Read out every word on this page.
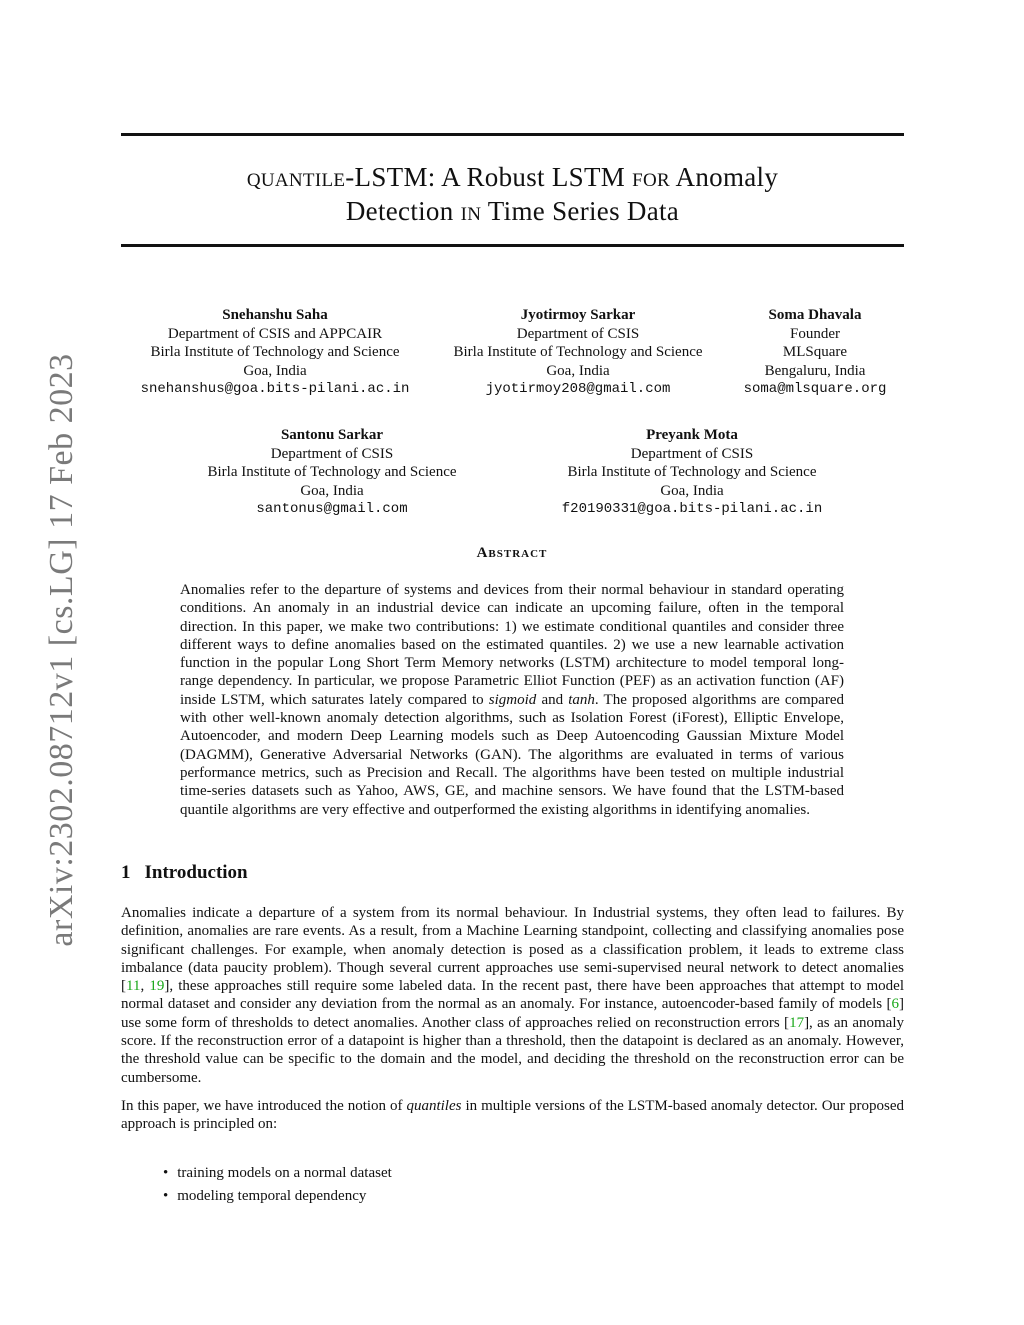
arXiv:2302.08712v1 [cs.LG] 17 Feb 2023
quantile-LSTM: A Robust LSTM for Anomaly
Detection in Time Series Data
Snehanshu Saha
Department of CSIS and APPCAIR
Birla Institute of Technology and Science
Goa, India
snehanshus@goa.bits-pilani.ac.in
Jyotirmoy Sarkar
Department of CSIS
Birla Institute of Technology and Science
Goa, India
jyotirmoy208@gmail.com
Soma Dhavala
Founder
MLSquare
Bengaluru, India
soma@mlsquare.org
Santonu Sarkar
Department of CSIS
Birla Institute of Technology and Science
Goa, India
santonus@gmail.com
Preyank Mota
Department of CSIS
Birla Institute of Technology and Science
Goa, India
f20190331@goa.bits-pilani.ac.in
Abstract
Anomalies refer to the departure of systems and devices from their normal behaviour in standard operating conditions. An anomaly in an industrial device can indicate an upcoming failure, often in the temporal direction. In this paper, we make two contributions: 1) we estimate conditional quantiles and consider three different ways to define anomalies based on the estimated quantiles. 2) we use a new learnable activation function in the popular Long Short Term Memory networks (LSTM) architecture to model temporal long-range dependency. In particular, we propose Parametric Elliot Function (PEF) as an activation function (AF) inside LSTM, which saturates lately compared to sigmoid and tanh. The proposed algorithms are compared with other well-known anomaly detection algorithms, such as Isolation Forest (iForest), Elliptic Envelope, Autoencoder, and modern Deep Learning models such as Deep Autoencoding Gaussian Mixture Model (DAGMM), Generative Adversarial Networks (GAN). The algorithms are evaluated in terms of various performance metrics, such as Precision and Recall. The algorithms have been tested on multiple industrial time-series datasets such as Yahoo, AWS, GE, and machine sensors. We have found that the LSTM-based quantile algorithms are very effective and outperformed the existing algorithms in identifying anomalies.
1 Introduction
Anomalies indicate a departure of a system from its normal behaviour. In Industrial systems, they often lead to failures. By definition, anomalies are rare events. As a result, from a Machine Learning standpoint, collecting and classifying anomalies pose significant challenges. For example, when anomaly detection is posed as a classification problem, it leads to extreme class imbalance (data paucity problem). Though several current approaches use semi-supervised neural network to detect anomalies [11, 19], these approaches still require some labeled data. In the recent past, there have been approaches that attempt to model normal dataset and consider any deviation from the normal as an anomaly. For instance, autoencoder-based family of models [6] use some form of thresholds to detect anomalies. Another class of approaches relied on reconstruction errors [17], as an anomaly score. If the reconstruction error of a datapoint is higher than a threshold, then the datapoint is declared as an anomaly. However, the threshold value can be specific to the domain and the model, and deciding the threshold on the reconstruction error can be cumbersome.
In this paper, we have introduced the notion of quantiles in multiple versions of the LSTM-based anomaly detector. Our proposed approach is principled on:
• training models on a normal dataset
• modeling temporal dependency
